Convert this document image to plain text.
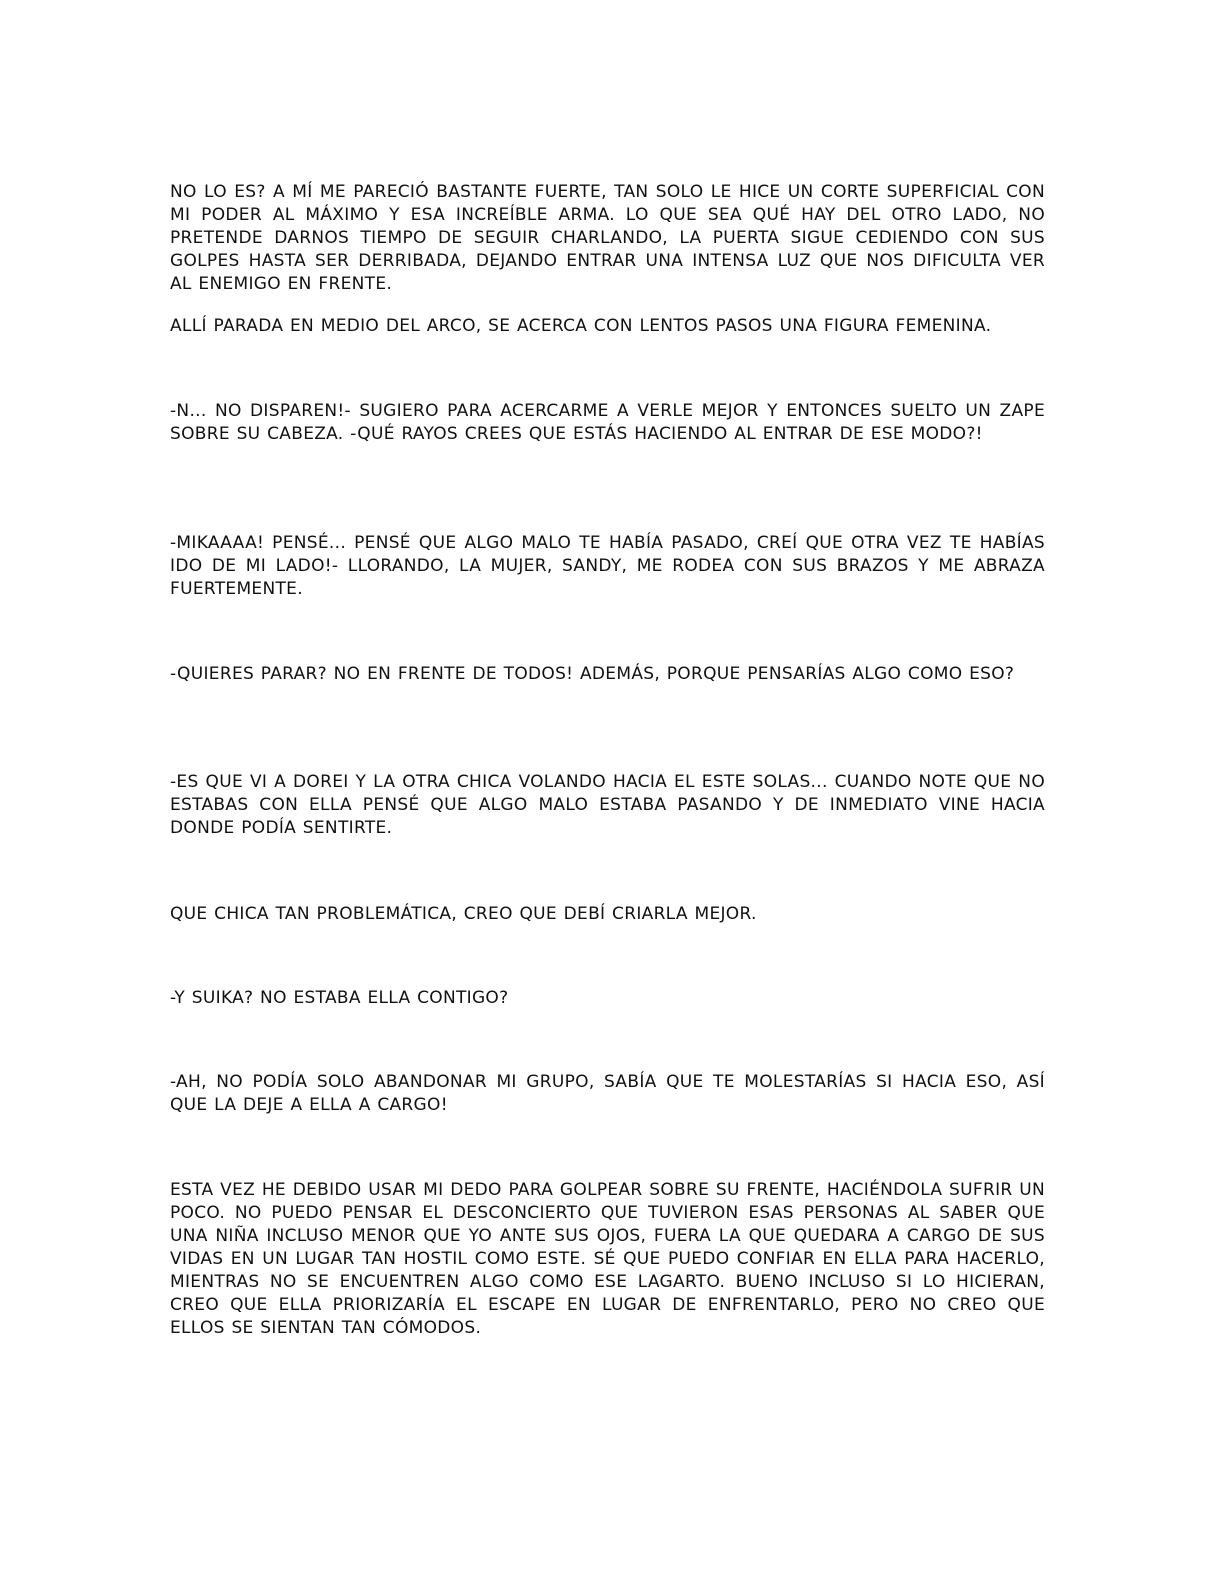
NO LO ES? A MÍ ME PARECIÓ BASTANTE FUERTE, TAN SOLO LE HICE UN CORTE SUPERFICIAL CON MI PODER AL MÁXIMO Y ESA INCREÍBLE ARMA. LO QUE SEA QUÉ HAY DEL OTRO LADO, NO PRETENDE DARNOS TIEMPO DE SEGUIR CHARLANDO, LA PUERTA SIGUE CEDIENDO CON SUS GOLPES HASTA SER DERRIBADA, DEJANDO ENTRAR UNA INTENSA LUZ QUE NOS DIFICULTA VER AL ENEMIGO EN FRENTE.

ALLÍ PARADA EN MEDIO DEL ARCO, SE ACERCA CON LENTOS PASOS UNA FIGURA FEMENINA.

-N... NO DISPAREN!- SUGIERO PARA ACERCARME A VERLE MEJOR Y ENTONCES SUELTO UN ZAPE SOBRE SU CABEZA. -QUÉ RAYOS CREES QUE ESTÁS HACIENDO AL ENTRAR DE ESE MODO?!

-MIKAAAA! PENSÉ... PENSÉ QUE ALGO MALO TE HABÍA PASADO, CREÍ QUE OTRA VEZ TE HABÍAS IDO DE MI LADO!- LLORANDO, LA MUJER, SANDY, ME RODEA CON SUS BRAZOS Y ME ABRAZA FUERTEMENTE.

-QUIERES PARAR? NO EN FRENTE DE TODOS! ADEMÁS, PORQUE PENSARÍAS ALGO COMO ESO?

-ES QUE VI A DOREI Y LA OTRA CHICA VOLANDO HACIA EL ESTE SOLAS... CUANDO NOTE QUE NO ESTABAS CON ELLA PENSÉ QUE ALGO MALO ESTABA PASANDO Y DE INMEDIATO VINE HACIA DONDE PODÍA SENTIRTE.

QUE CHICA TAN PROBLEMÁTICA, CREO QUE DEBÍ CRIARLA MEJOR.

-Y SUIKA? NO ESTABA ELLA CONTIGO?

-AH, NO PODÍA SOLO ABANDONAR MI GRUPO, SABÍA QUE TE MOLESTARÍAS SI HACIA ESO, ASÍ QUE LA DEJE A ELLA A CARGO!

ESTA VEZ HE DEBIDO USAR MI DEDO PARA GOLPEAR SOBRE SU FRENTE, HACIÉNDOLA SUFRIR UN POCO. NO PUEDO PENSAR EL DESCONCIERTO QUE TUVIERON ESAS PERSONAS AL SABER QUE UNA NIÑA INCLUSO MENOR QUE YO ANTE SUS OJOS, FUERA LA QUE QUEDARA A CARGO DE SUS VIDAS EN UN LUGAR TAN HOSTIL COMO ESTE. SÉ QUE PUEDO CONFIAR EN ELLA PARA HACERLO, MIENTRAS NO SE ENCUENTREN ALGO COMO ESE LAGARTO. BUENO INCLUSO SI LO HICIERAN, CREO QUE ELLA PRIORIZARÍA EL ESCAPE EN LUGAR DE ENFRENTARLO, PERO NO CREO QUE ELLOS SE SIENTAN TAN CÓMODOS.
